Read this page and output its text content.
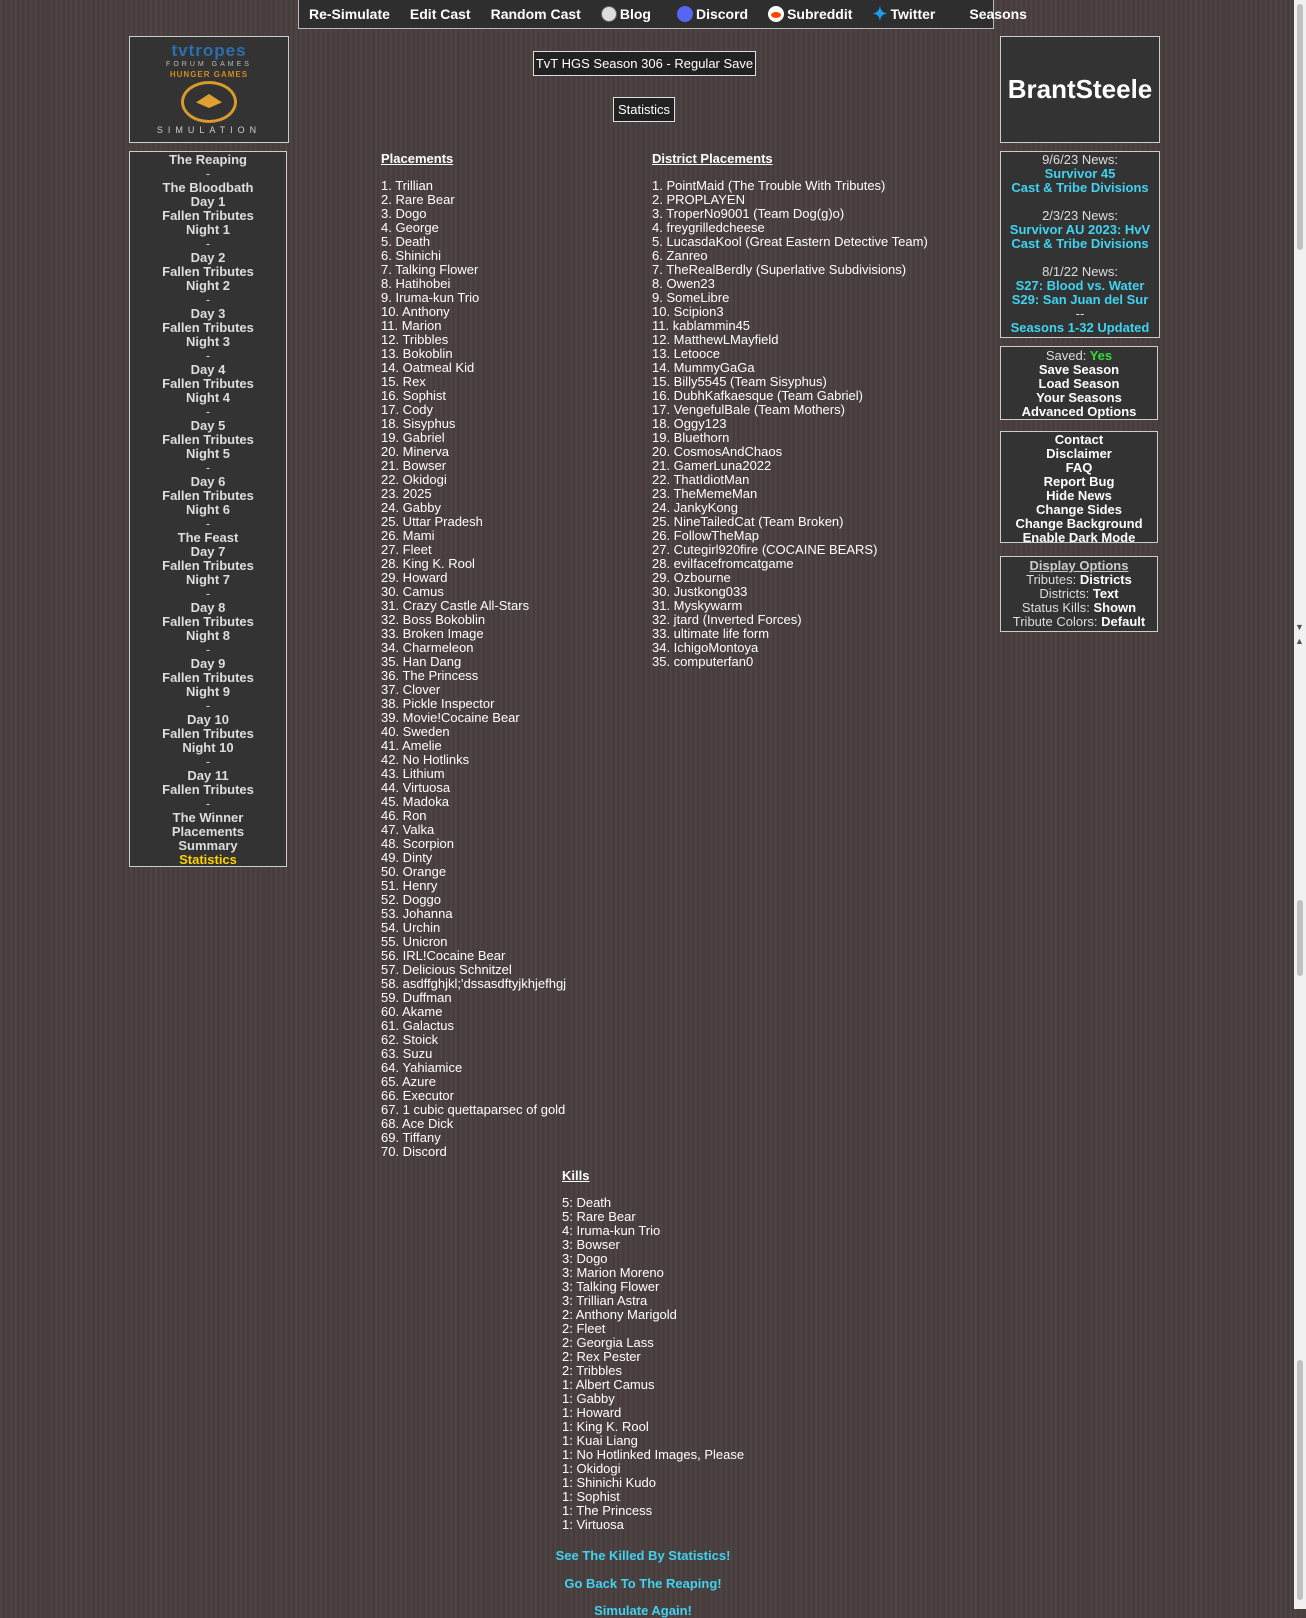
Re-Simulate	Edit Cast	Random Cast	Blog	Discord	Subreddit ✦ Twitter	Seasons
tvtropes
FORUM GAMES
HUNGER GAMES
SIMULATION
The Reaping
-
The Bloodbath
Day 1
Fallen Tributes
Night 1
-
Day 2
Fallen Tributes
Night 2
-
Day 3
Fallen Tributes
Night 3
-
Day 4
Fallen Tributes
Night 4
-
Day 5
Fallen Tributes
Night 5
-
Day 6
Fallen Tributes
Night 6
-
The Feast
Day 7
Fallen Tributes
Night 7
-
Day 8
Fallen Tributes
Night 8
-
Day 9
Fallen Tributes
Night 9
-
Day 10
Fallen Tributes
Night 10
-
Day 11
Fallen Tributes
-
The Winner
Placements
Summary
Statistics
BrantSteele
9/6/23 News:
Survivor 45
Cast & Tribe Divisions
2/3/23 News:
Survivor AU 2023: HvV
Cast & Tribe Divisions
8/1/22 News:
S27: Blood vs. Water
S29: San Juan del Sur
--
Seasons 1-32 Updated
Saved: Yes
Save Season
Load Season
Your Seasons
Advanced Options
Contact
Disclaimer
FAQ
Report Bug
Hide News
Change Sides
Change Background
Enable Dark Mode
Display Options
Tributes: Districts
Districts: Text
Status Kills: Shown
Tribute Colors: Default
TvT HGS Season 306 - Regular Save
Statistics
Placements
1. Trillian
2. Rare Bear
3. Dogo
4. George
5. Death
6. Shinichi
7. Talking Flower
8. Hatihobei
9. Iruma-kun Trio
10. Anthony
11. Marion
12. Tribbles
13. Bokoblin
14. Oatmeal Kid
15. Rex
16. Sophist
17. Cody
18. Sisyphus
19. Gabriel
20. Minerva
21. Bowser
22. Okidogi
23. 2025
24. Gabby
25. Uttar Pradesh
26. Mami
27. Fleet
28. King K. Rool
29. Howard
30. Camus
31. Crazy Castle All-Stars
32. Boss Bokoblin
33. Broken Image
34. Charmeleon
35. Han Dang
36. The Princess
37. Clover
38. Pickle Inspector
39. Movie!Cocaine Bear
40. Sweden
41. Amelie
42. No Hotlinks
43. Lithium
44. Virtuosa
45. Madoka
46. Ron
47. Valka
48. Scorpion
49. Dinty
50. Orange
51. Henry
52. Doggo
53. Johanna
54. Urchin
55. Unicron
56. IRL!Cocaine Bear
57. Delicious Schnitzel
58. asdffghjkl;'dssasdftyjkhjefhgj
59. Duffman
60. Akame
61. Galactus
62. Stoick
63. Suzu
64. Yahiamice
65. Azure
66. Executor
67. 1 cubic quettaparsec of gold
68. Ace Dick
69. Tiffany
70. Discord
District Placements
1. PointMaid (The Trouble With Tributes)
2. PROPLAYEN
3. TroperNo9001 (Team Dog(g)o)
4. freygrilledcheese
5. LucasdaKool (Great Eastern Detective Team)
6. Zanreo
7. TheRealBerdly (Superlative Subdivisions)
8. Owen23
9. SomeLibre
10. Scipion3
11. kablammin45
12. MatthewLMayfield
13. Letooce
14. MummyGaGa
15. Billy5545 (Team Sisyphus)
16. DubhKafkaesque (Team Gabriel)
17. VengefulBale (Team Mothers)
18. Oggy123
19. Bluethorn
20. CosmosAndChaos
21. GamerLuna2022
22. ThatIdiotMan
23. TheMemeMan
24. JankyKong
25. NineTailedCat (Team Broken)
26. FollowTheMap
27. Cutegirl920fire (COCAINE BEARS)
28. evilfacefromcatgame
29. Ozbourne
30. Justkong033
31. Myskywarm
32. jtard (Inverted Forces)
33. ultimate life form
34. IchigoMontoya
35. computerfan0
Kills
5: Death
5: Rare Bear
4: Iruma-kun Trio
3: Bowser
3: Dogo
3: Marion Moreno
3: Talking Flower
3: Trillian Astra
2: Anthony Marigold
2: Fleet
2: Georgia Lass
2: Rex Pester
2: Tribbles
1: Albert Camus
1: Gabby
1: Howard
1: King K. Rool
1: Kuai Liang
1: No Hotlinked Images, Please
1: Okidogi
1: Shinichi Kudo
1: Sophist
1: The Princess
1: Virtuosa
See The Killed By Statistics!
Go Back To The Reaping!
Simulate Again!
▼
▲
